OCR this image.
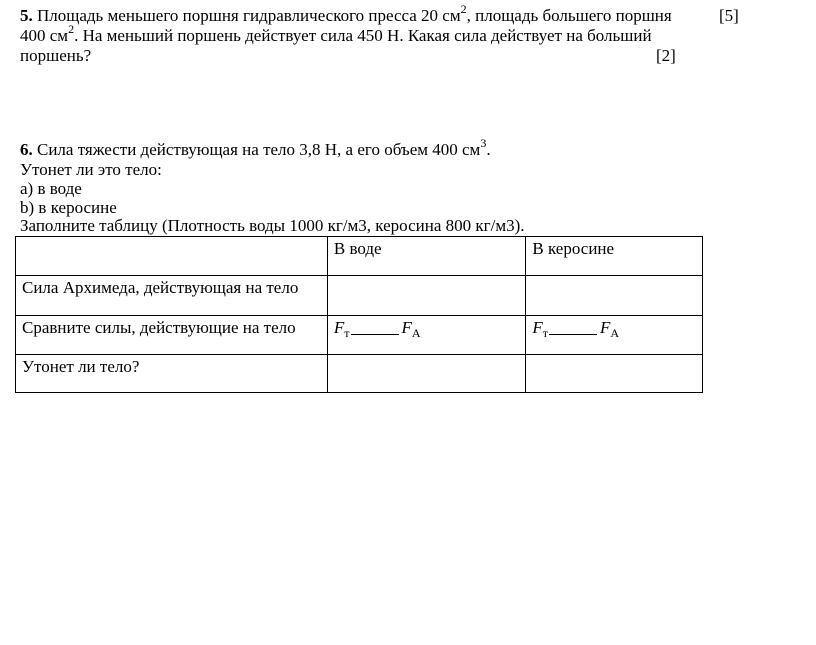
5. Площадь меньшего поршня гидравлического пресса 20 $см^2$, площадь большего поршня	[5]
400 $см^2$. На меньший поршень действует сила 450 Н. Какая сила действует на больший
поршень?	[2]
6. Сила тяжести действующая на тело 3,8 Н, а его объем 400 $см^3$.
Утонет ли это тело:
а) в воде
b) в керосине
Заполните таблицу (Плотность воды 1000 кг/м3, керосина 800 кг/м3).
	В воде	В керосине
Сила Архимеда, действующая на тело		
Сравните силы, действующие на тело	$F_т$ $F_А$	$F_т$ $F_А$
Утонет ли тело?		
